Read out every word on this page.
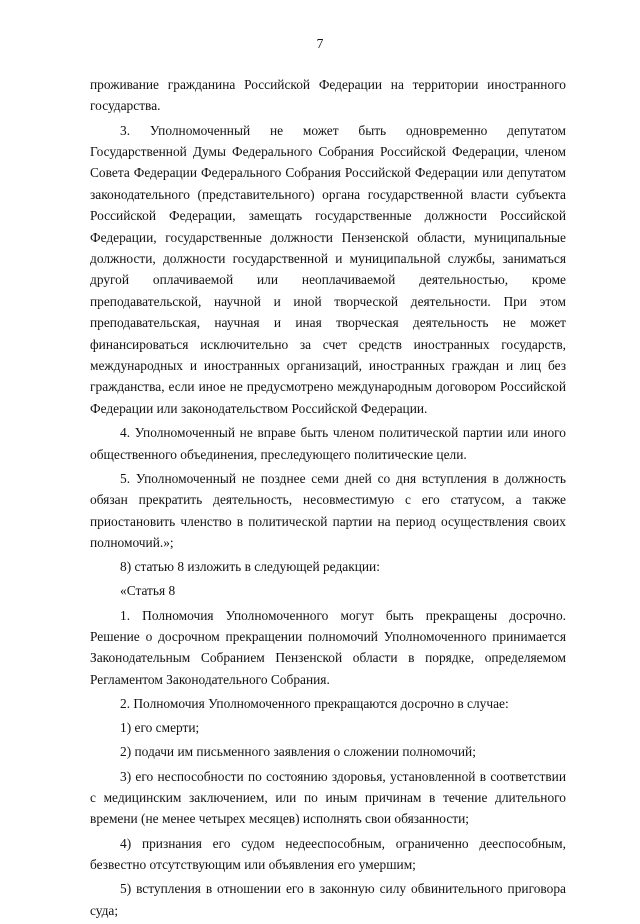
7

проживание гражданина Российской Федерации на территории иностранного государства.

3. Уполномоченный не может быть одновременно депутатом Государственной Думы Федерального Собрания Российской Федерации, членом Совета Федерации Федерального Собрания Российской Федерации или депутатом законодательного (представительного) органа государственной власти субъекта Российской Федерации, замещать государственные должности Российской Федерации, государственные должности Пензенской области, муниципальные должности, должности государственной и муниципальной службы, заниматься другой оплачиваемой или неоплачиваемой деятельностью, кроме преподавательской, научной и иной творческой деятельности. При этом преподавательская, научная и иная творческая деятельность не может финансироваться исключительно за счет средств иностранных государств, международных и иностранных организаций, иностранных граждан и лиц без гражданства, если иное не предусмотрено международным договором Российской Федерации или законодательством Российской Федерации.

4. Уполномоченный не вправе быть членом политической партии или иного общественного объединения, преследующего политические цели.

5. Уполномоченный не позднее семи дней со дня вступления в должность обязан прекратить деятельность, несовместимую с его статусом, а также приостановить членство в политической партии на период осуществления своих полномочий.»;

8) статью 8 изложить в следующей редакции:

«Статья 8

1. Полномочия Уполномоченного могут быть прекращены досрочно. Решение о досрочном прекращении полномочий Уполномоченного принимается Законодательным Собранием Пензенской области в порядке, определяемом Регламентом Законодательного Собрания.

2. Полномочия Уполномоченного прекращаются досрочно в случае:

1) его смерти;

2) подачи им письменного заявления о сложении полномочий;

3) его неспособности по состоянию здоровья, установленной в соответствии с медицинским заключением, или по иным причинам в течение длительного времени (не менее четырех месяцев) исполнять свои обязанности;

4) признания его судом недееспособным, ограниченно дееспособным, безвестно отсутствующим или объявления его умершим;

5) вступления в отношении его в законную силу обвинительного приговора суда;
